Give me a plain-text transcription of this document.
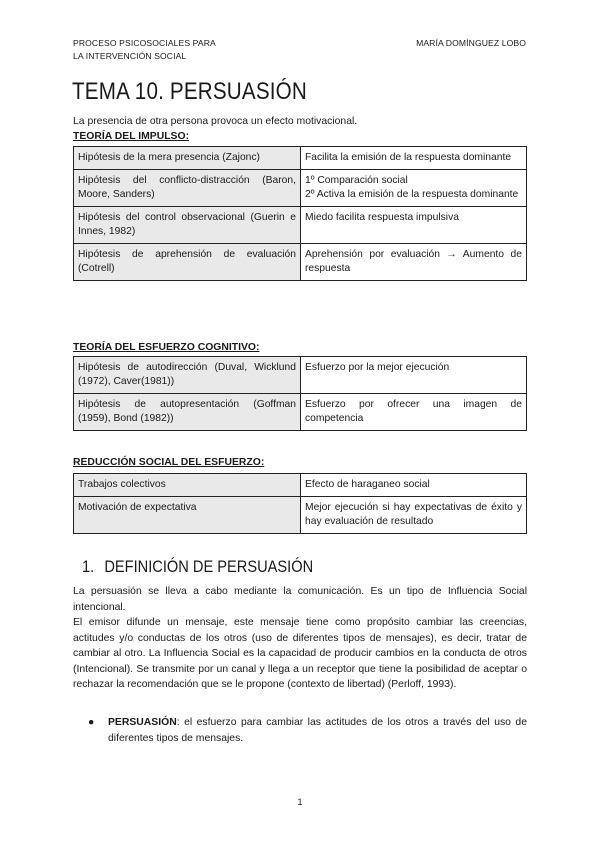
PROCESO PSICOSOCIALES PARA
LA INTERVENCIÓN SOCIAL
MARÍA DOMÍNGUEZ LOBO
TEMA 10. PERSUASIÓN
La presencia de otra persona provoca un efecto motivacional.
TEORÍA DEL IMPULSO:
Hipótesis de la mera presencia (Zajonc)	Facilita la emisión de la respuesta dominante

Hipótesis del conflicto-distracción (Baron, Moore, Sanders)	1º Comparación social
2º Activa la emisión de la respuesta dominante

Hipótesis del control observacional (Guerin e Innes, 1982)	Miedo facilita respuesta impulsiva

Hipótesis de aprehensión de evaluación (Cotrell)	Aprehensión por evaluación → Aumento de respuesta
TEORÍA DEL ESFUERZO COGNITIVO:
Hipótesis de autodirección (Duval, Wicklund (1972), Caver(1981))	Esfuerzo por la mejor ejecución

Hipótesis de autopresentación (Goffman (1959), Bond (1982))	Esfuerzo por ofrecer una imagen de competencia
REDUCCIÓN SOCIAL DEL ESFUERZO:
Trabajos colectivos	Efecto de haraganeo social

Motivación de expectativa	Mejor ejecución si hay expectativas de éxito y hay evaluación de resultado
1. DEFINICIÓN DE PERSUASIÓN

La persuasión se lleva a cabo mediante la comunicación. Es un tipo de Influencia Social intencional.

El emisor difunde un mensaje, este mensaje tiene como propósito cambiar las creencias, actitudes y/o conductas de los otros (uso de diferentes tipos de mensajes), es decir, tratar de cambiar al otro. La Influencia Social es la capacidad de producir cambios en la conducta de otros (Intencional). Se transmite por un canal y llega a un receptor que tiene la posibilidad de aceptar o rechazar la recomendación que se le propone (contexto de libertad) (Perloff, 1993).

● PERSUASIÓN: el esfuerzo para cambiar las actitudes de los otros a través del uso de diferentes tipos de mensajes.
1
